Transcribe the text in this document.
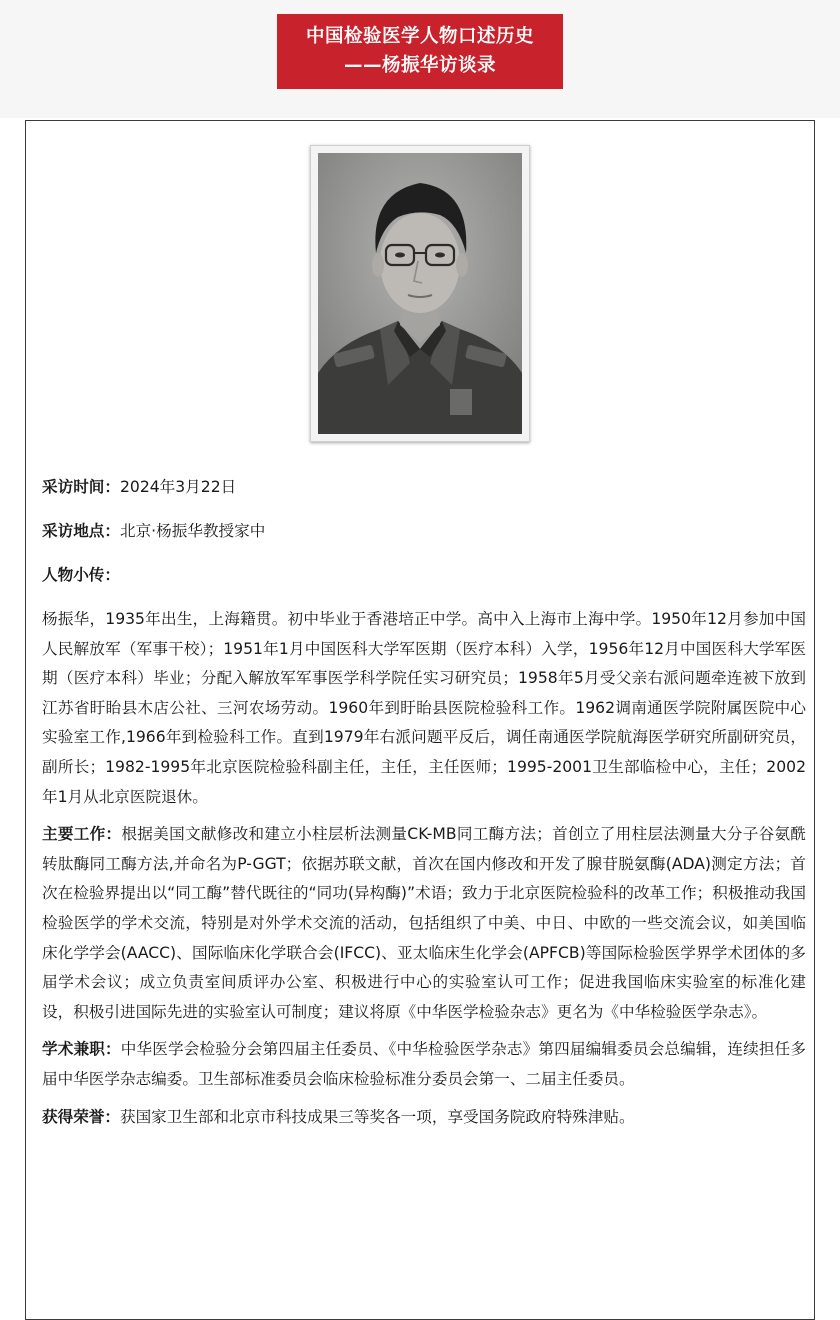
中国检验医学人物口述历史
——杨振华访谈录
采访时间：2024年3月22日
采访地点：北京·杨振华教授家中
人物小传：

杨振华，1935年出生，上海籍贯。初中毕业于香港培正中学。高中入上海市上海中学。1950年12月参加中国人民解放军（军事干校）；1951年1月中国医科大学军医期（医疗本科）入学，1956年12月中国医科大学军医期（医疗本科）毕业；分配入解放军军事医学科学院任实习研究员；1958年5月受父亲右派问题牵连被下放到江苏省盱眙县木店公社、三河农场劳动。1960年到盱眙县医院检验科工作。1962调南通医学院附属医院中心实验室工作,1966年到检验科工作。直到1979年右派问题平反后，调任南通医学院航海医学研究所副研究员，副所长；1982-1995年北京医院检验科副主任，主任，主任医师；1995-2001卫生部临检中心，主任；2002年1月从北京医院退休。

主要工作：根据美国文献修改和建立小柱层析法测量CK-MB同工酶方法；首创立了用柱层法测量大分子谷氨酰转肽酶同工酶方法,并命名为P-GGT；依据苏联文献，首次在国内修改和开发了腺苷脱氨酶(ADA)测定方法；首次在检验界提出以“同工酶”替代既往的“同功(异构酶)”术语；致力于北京医院检验科的改革工作；积极推动我国检验医学的学术交流，特别是对外学术交流的活动，包括组织了中美、中日、中欧的一些交流会议，如美国临床化学学会(AACC)、国际临床化学联合会(IFCC)、亚太临床生化学会(APFCB)等国际检验医学界学术团体的多届学术会议；成立负责室间质评办公室、积极进行中心的实验室认可工作；促进我国临床实验室的标准化建设，积极引进国际先进的实验室认可制度；建议将原《中华医学检验杂志》更名为《中华检验医学杂志》。

学术兼职：中华医学会检验分会第四届主任委员、《中华检验医学杂志》第四届编辑委员会总编辑，连续担任多届中华医学杂志编委。卫生部标准委员会临床检验标准分委员会第一、二届主任委员。

获得荣誉：获国家卫生部和北京市科技成果三等奖各一项，享受国务院政府特殊津贴。
